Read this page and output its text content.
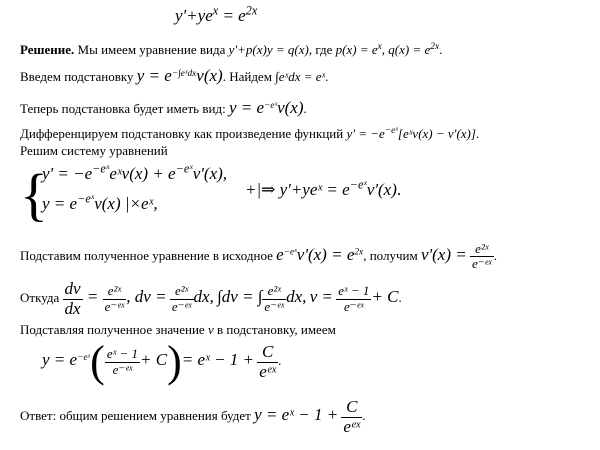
$y'+ye^x = e^{2x}$
Решение. Мы имеем уравнение вида y'+p(x)y = q(x), где $p(x) = e^x$, $q(x) = e^{2x}$.
Введем подстановку $y = e^{-\int eˣdx}v(x)$. Найдем ∫eˣdx = eˣ.
Теперь подстановка будет иметь вид: $y = e^{-eˣ}v(x)$.
Дифференцируем подстановку как произведение функций $y' = -e^{-eˣ}[eˣv(x) - v'(x)]$.
Решим систему уравнений
{
$y' = -e^{-eˣ}eˣv(x) + e^{-eˣ}v'(x)$,
$y = e^{-eˣ}v(x)$ |×eˣ,
+|⇒ y'+yeˣ = $e^{-eˣ}v'(x)$.
Подставим полученное уравнение в исходное $e^{-eˣ}v'(x) = e^{2x}$, получим $v'(x) = \frac{\text{e²ˣ}}{\text{e⁻ᵉˣ}}$ .
Откуда $\frac{dv}{dx} = \frac{\text{e²ˣ}}{\text{e⁻ᵉˣ}}$ , dv = $\frac{\text{e²ˣ}}{\text{e⁻ᵉˣ}}$ dx, ∫dv = ∫ $\frac{\text{e²ˣ}}{\text{e⁻ᵉˣ}}$ dx, $v = \frac{\text{eˣ − 1}}{\text{e⁻ᵉˣ}} + C$.
Подставляя полученное значение v в подстановку, имеем
$y = e^{-eˣ}( \frac{\text{eˣ − 1}}{\text{e⁻ᵉˣ}} + C)=$ eˣ − 1 + C
eᵉˣ
.
Ответ: общим решением уравнения будет y = eˣ − 1 + C
eᵉˣ
.
